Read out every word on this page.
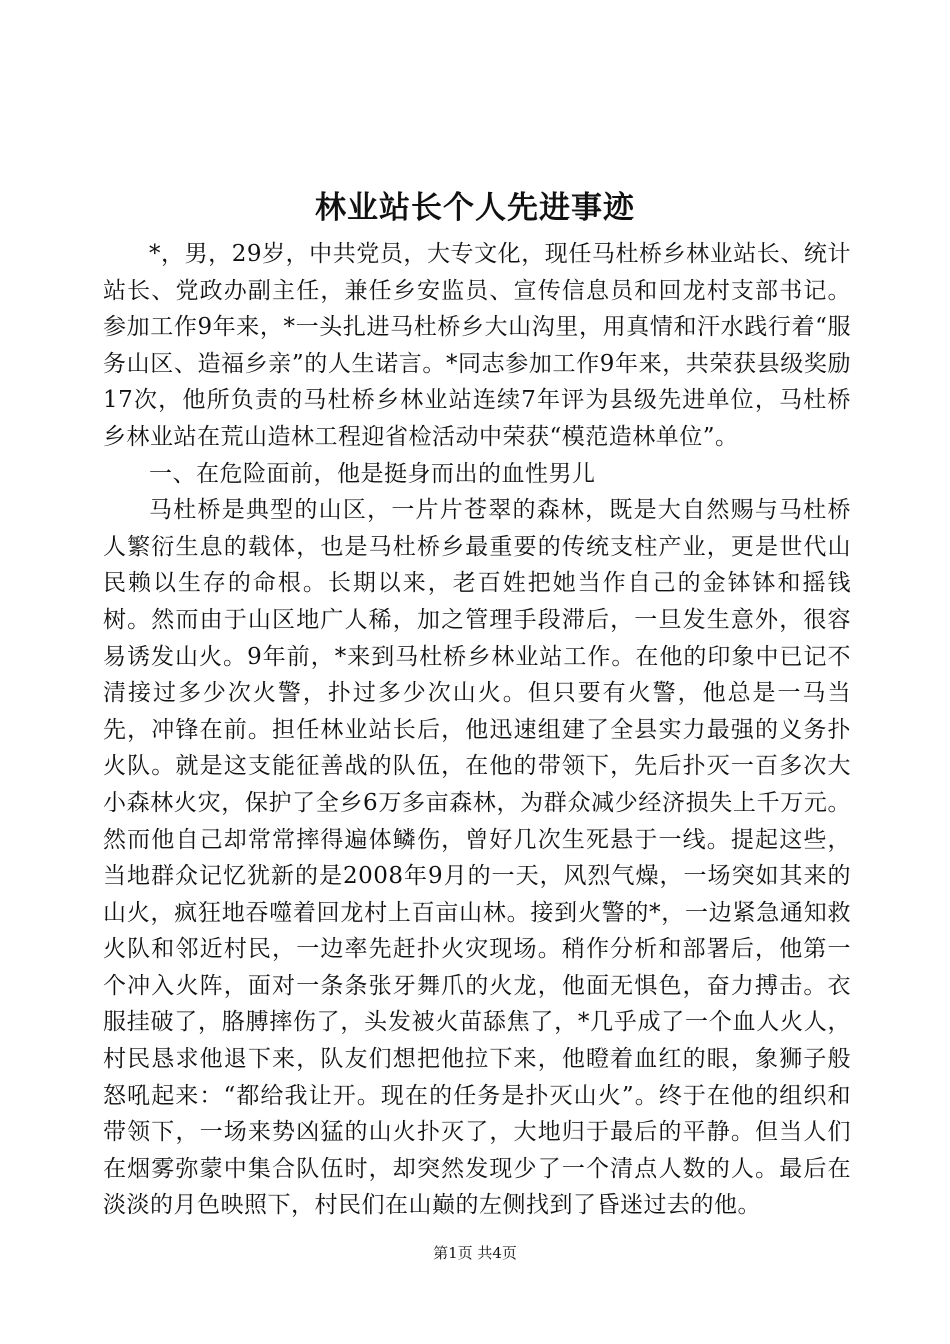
林业站长个人先进事迹

*，男，29岁，中共党员，大专文化，现任马杜桥乡林业站长、统计站长、党政办副主任，兼任乡安监员、宣传信息员和回龙村支部书记。参加工作9年来，*一头扎进马杜桥乡大山沟里，用真情和汗水践行着“服务山区、造福乡亲”的人生诺言。*同志参加工作9年来，共荣获县级奖励17次，他所负责的马杜桥乡林业站连续7年评为县级先进单位，马杜桥乡林业站在荒山造林工程迎省检活动中荣获“模范造林单位”。

一、在危险面前，他是挺身而出的血性男儿

马杜桥是典型的山区，一片片苍翠的森林，既是大自然赐与马杜桥人繁衍生息的载体，也是马杜桥乡最重要的传统支柱产业，更是世代山民赖以生存的命根。长期以来，老百姓把她当作自己的金钵钵和摇钱树。然而由于山区地广人稀，加之管理手段滞后，一旦发生意外，很容易诱发山火。9年前，*来到马杜桥乡林业站工作。在他的印象中已记不清接过多少次火警，扑过多少次山火。但只要有火警，他总是一马当先，冲锋在前。担任林业站长后，他迅速组建了全县实力最强的义务扑火队。就是这支能征善战的队伍，在他的带领下，先后扑灭一百多次大小森林火灾，保护了全乡6万多亩森林，为群众减少经济损失上千万元。然而他自己却常常摔得遍体鳞伤，曾好几次生死悬于一线。提起这些，当地群众记忆犹新的是2008年9月的一天，风烈气燥，一场突如其来的山火，疯狂地吞噬着回龙村上百亩山林。接到火警的*，一边紧急通知救火队和邻近村民，一边率先赶扑火灾现场。稍作分析和部署后，他第一个冲入火阵，面对一条条张牙舞爪的火龙，他面无惧色，奋力搏击。衣服挂破了，胳膊摔伤了，头发被火苗舔焦了，*几乎成了一个血人火人，村民恳求他退下来，队友们想把他拉下来，他瞪着血红的眼，象狮子般怒吼起来：“都给我让开。现在的任务是扑灭山火”。终于在他的组织和带领下，一场来势凶猛的山火扑灭了，大地归于最后的平静。但当人们在烟雾弥蒙中集合队伍时，却突然发现少了一个清点人数的人。最后在淡淡的月色映照下，村民们在山巅的左侧找到了昏迷过去的他。

第1页 共4页
